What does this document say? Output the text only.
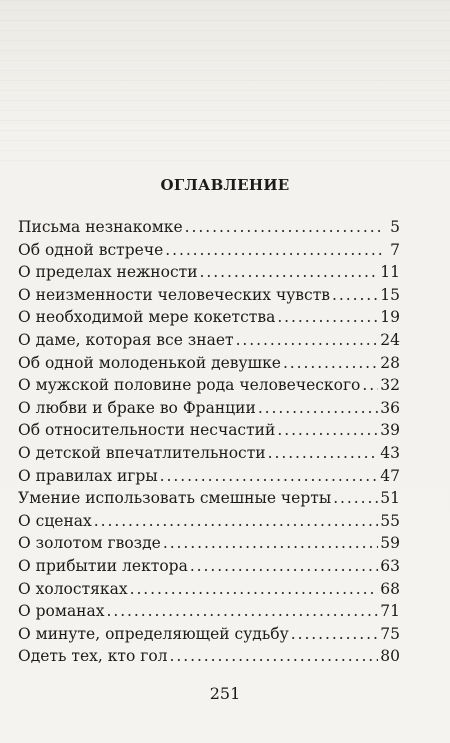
ОГЛАВЛЕНИЕ
Письма незнакомке . . .	5
Об одной встрече . . .	7
О пределах нежности . . .	11
О неизменности человеческих чувств . . .	15
О необходимой мере кокетства . . .	19
О даме, которая все знает . . .	24
Об одной молоденькой девушке . . .	28
О мужской половине рода человеческого . . . 32
О любви и браке во Франции . . .	36
Об относительности несчастий . . .	39
О детской впечатлительности . . .	43
О правилах игры . . .	47
Умение использовать смешные черты . . .	51
О сценах . . .	55
О золотом гвозде . . .	59
О прибытии лектора . . .	63
О холостяках . . .	68
О романах . . .	71
О минуте, определяющей судьбу . . .	75
Одеть тех, кто гол . . .	80
251
